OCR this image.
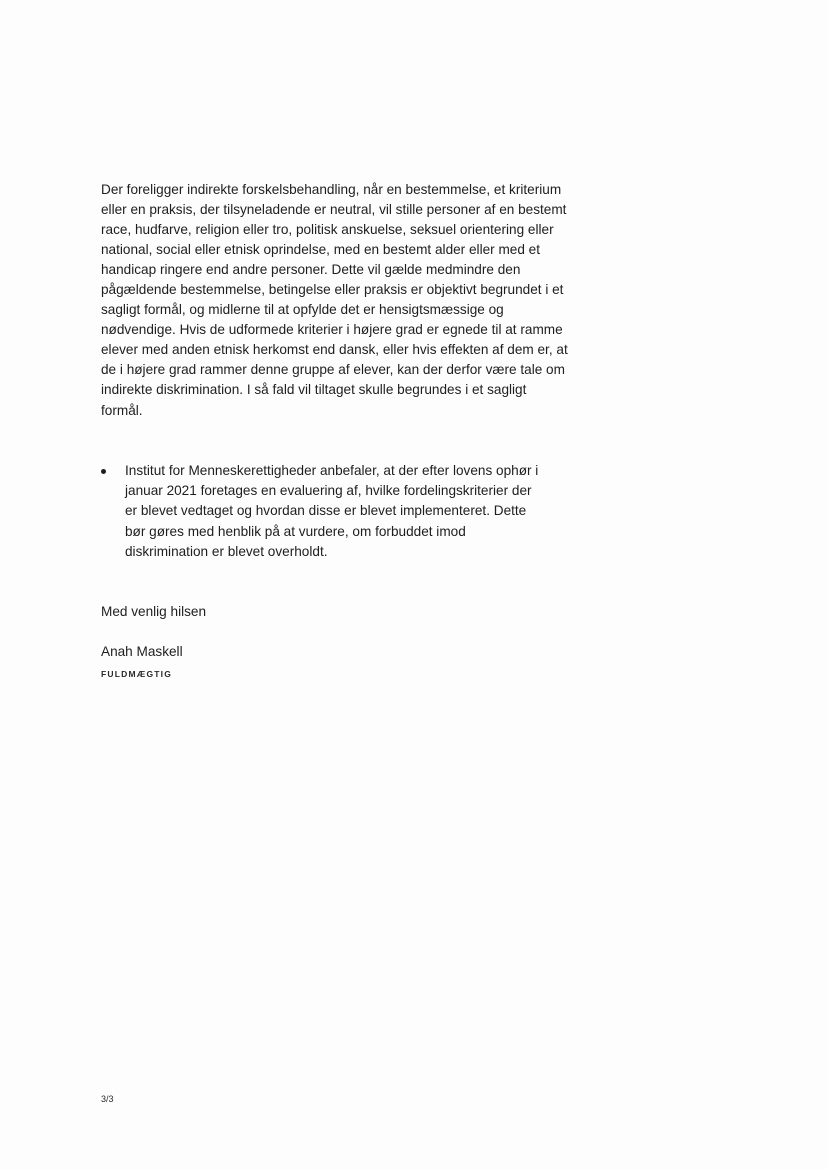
Der foreligger indirekte forskelsbehandling, når en bestemmelse, et kriterium eller en praksis, der tilsyneladende er neutral, vil stille personer af en bestemt race, hudfarve, religion eller tro, politisk anskuelse, seksuel orientering eller national, social eller etnisk oprindelse, med en bestemt alder eller med et handicap ringere end andre personer. Dette vil gælde medmindre den pågældende bestemmelse, betingelse eller praksis er objektivt begrundet i et sagligt formål, og midlerne til at opfylde det er hensigtsmæssige og nødvendige. Hvis de udformede kriterier i højere grad er egnede til at ramme elever med anden etnisk herkomst end dansk, eller hvis effekten af dem er, at de i højere grad rammer denne gruppe af elever, kan der derfor være tale om indirekte diskrimination. I så fald vil tiltaget skulle begrundes i et sagligt formål.

Institut for Menneskerettigheder anbefaler, at der efter lovens ophør i januar 2021 foretages en evaluering af, hvilke fordelingskriterier der er blevet vedtaget og hvordan disse er blevet implementeret. Dette bør gøres med henblik på at vurdere, om forbuddet imod diskrimination er blevet overholdt.

Med venlig hilsen

Anah Maskell

FULDMÆGTIG

3/3
